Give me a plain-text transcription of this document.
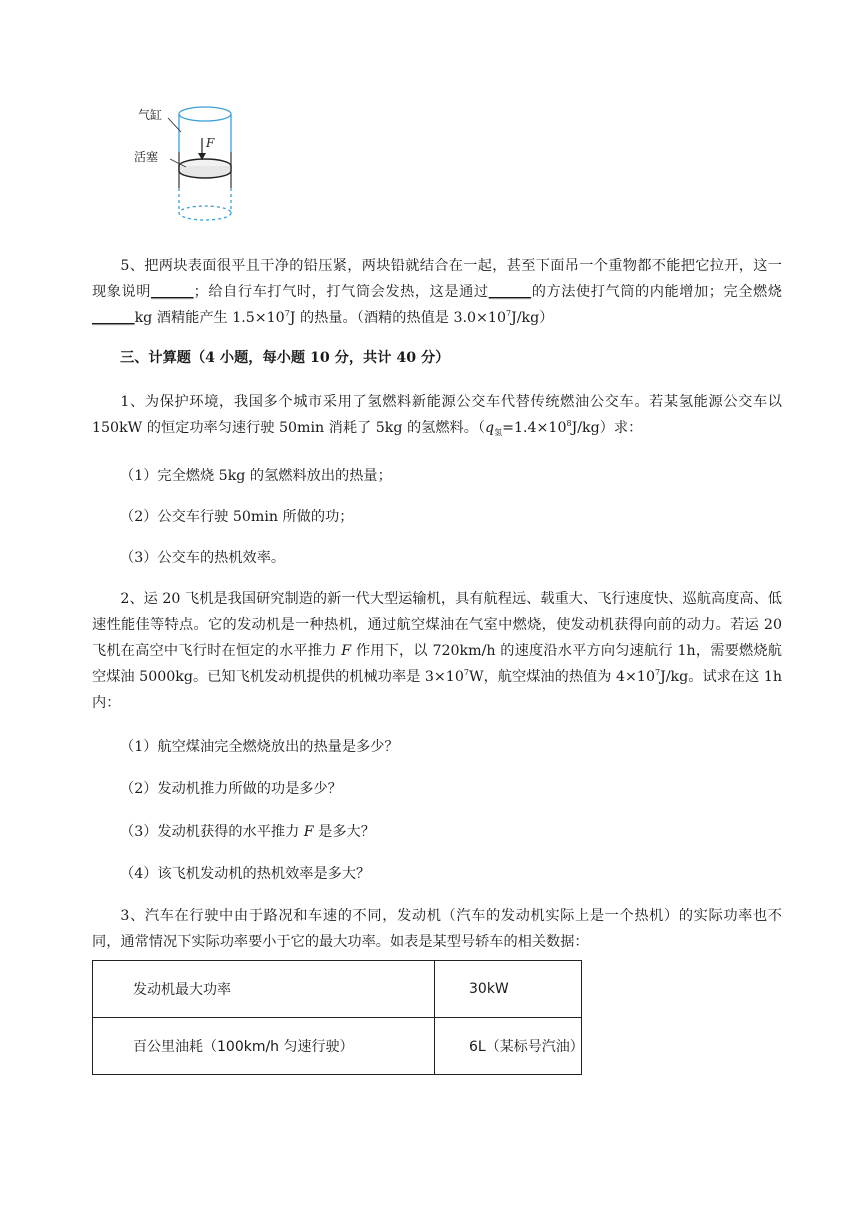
气缸
活塞
F
5、把两块表面很平且干净的铅压紧，两块铅就结合在一起，甚至下面吊一个重物都不能把它拉开，这一现象说明______；给自行车打气时，打气筒会发热，这是通过______的方法使打气筒的内能增加；完全燃烧______kg 酒精能产生 $1.5\times 10^7J$ 的热量。（酒精的热值是 $3.0\times 10^7J/kg$）
三、计算题（4 小题，每小题 10 分，共计 40 分）
1、为保护环境，我国多个城市采用了氢燃料新能源公交车代替传统燃油公交车。若某氢能源公交车以 150kW 的恒定功率匀速行驶 50min 消耗了 5kg 的氢燃料。$(q_氢=1.4\times 10^8J/kg)$求：
（1）完全燃烧 5kg 的氢燃料放出的热量；
（2）公交车行驶 50min 所做的功；
（3）公交车的热机效率。
2、运 20 飞机是我国研究制造的新一代大型运输机，具有航程远、载重大、飞行速度快、巡航高度高、低速性能佳等特点。它的发动机是一种热机，通过航空煤油在气室中燃烧，使发动机获得向前的动力。若运 20 飞机在高空中飞行时在恒定的水平推力 F 作用下，以 720km/h 的速度沿水平方向匀速航行 1h，需要燃烧航空煤油 5000kg。已知飞机发动机提供的机械功率是 $3\times 10^7W$，航空煤油的热值为 $4\times 10^7J/kg$。试求在这 1h 内：
（1）航空煤油完全燃烧放出的热量是多少？
（2）发动机推力所做的功是多少？
（3）发动机获得的水平推力 F 是多大？
（4）该飞机发动机的热机效率是多大？
3、汽车在行驶中由于路况和车速的不同，发动机（汽车的发动机实际上是一个热机）的实际功率也不同，通常情况下实际功率要小于它的最大功率。如表是某型号轿车的相关数据：
发动机最大功率	30kW
百公里油耗（100km/h 匀速行驶）	6L（某标号汽油）
